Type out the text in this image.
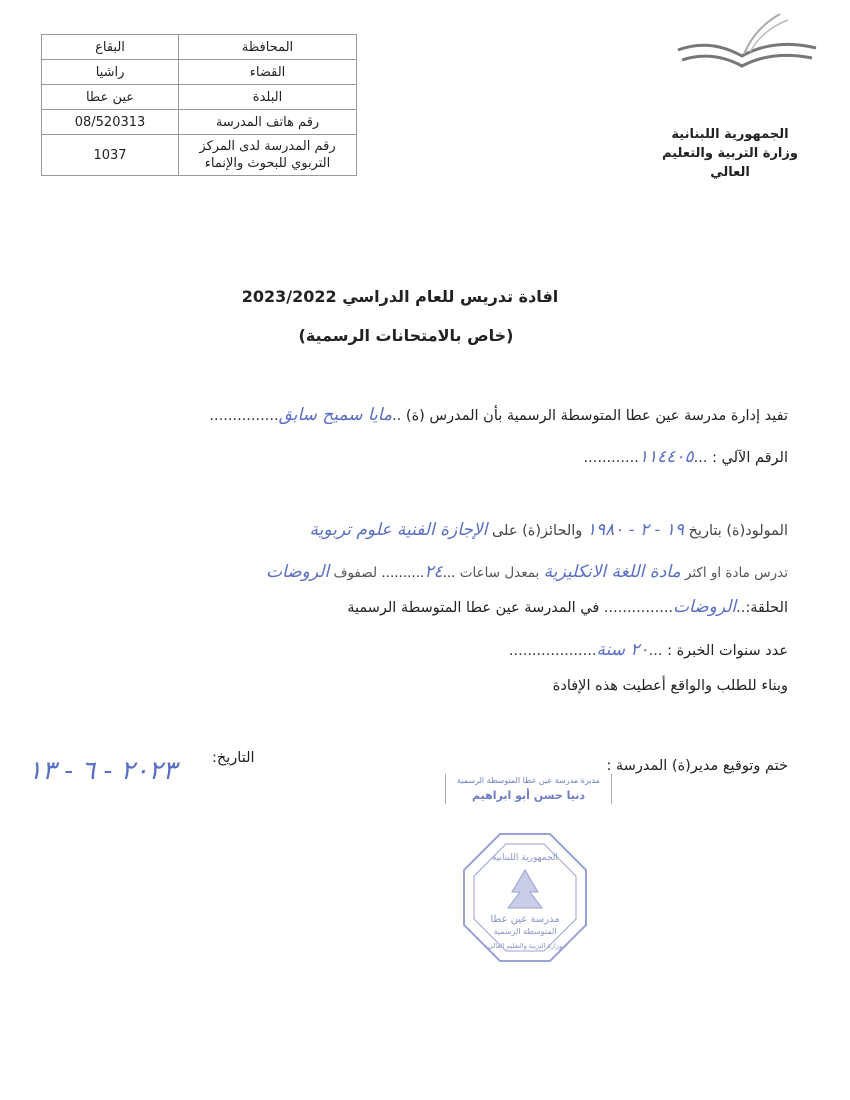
الجمهورية اللبنانية
وزارة التربية والتعليم العالي
المحافظة	البقاع
القضاء	راشيا
البلدة	عين عطا
رقم هاتف المدرسة	08/520313
رقم المدرسة لدى المركز التربوي للبحوث والإنماء	1037
افادة تدريس للعام الدراسي 2023/2022
(خاص بالامتحانات الرسمية)
تفيد إدارة مدرسة عين عطا المتوسطة الرسمية بأن المدرس (ة) ..مايا سميح سابق...............
الرقم الآلي : ...١١٤٤٠٥............
المولود(ة) بتاريخ ١٩ - ٢ - ١٩٨٠ والحائز(ة) على الإجازة الفنية علوم تربوية
تدرس مادة او اكثر مادة اللغة الانكليزية بمعدل ساعات ...٢٤.......... لصفوف الروضات
الحلقة:..الروضات............... في المدرسة عين عطا المتوسطة الرسمية
عدد سنوات الخبرة : ...٢٠ سنة...................
وبناء للطلب والواقع أعطيت هذه الإفادة
ختم وتوقيع مدير(ة) المدرسة :
التاريخ:
٢٠٢٣ - ٦ - ١٣	مديرة مدرسة عين عطا المتوسطة الرسمية
دنيا حسن أبو ابراهيم
الجمهورية اللبنانية
مدرسة عين عطا
المتوسطة الرسمية
وزارة التربية والتعليم العالي
